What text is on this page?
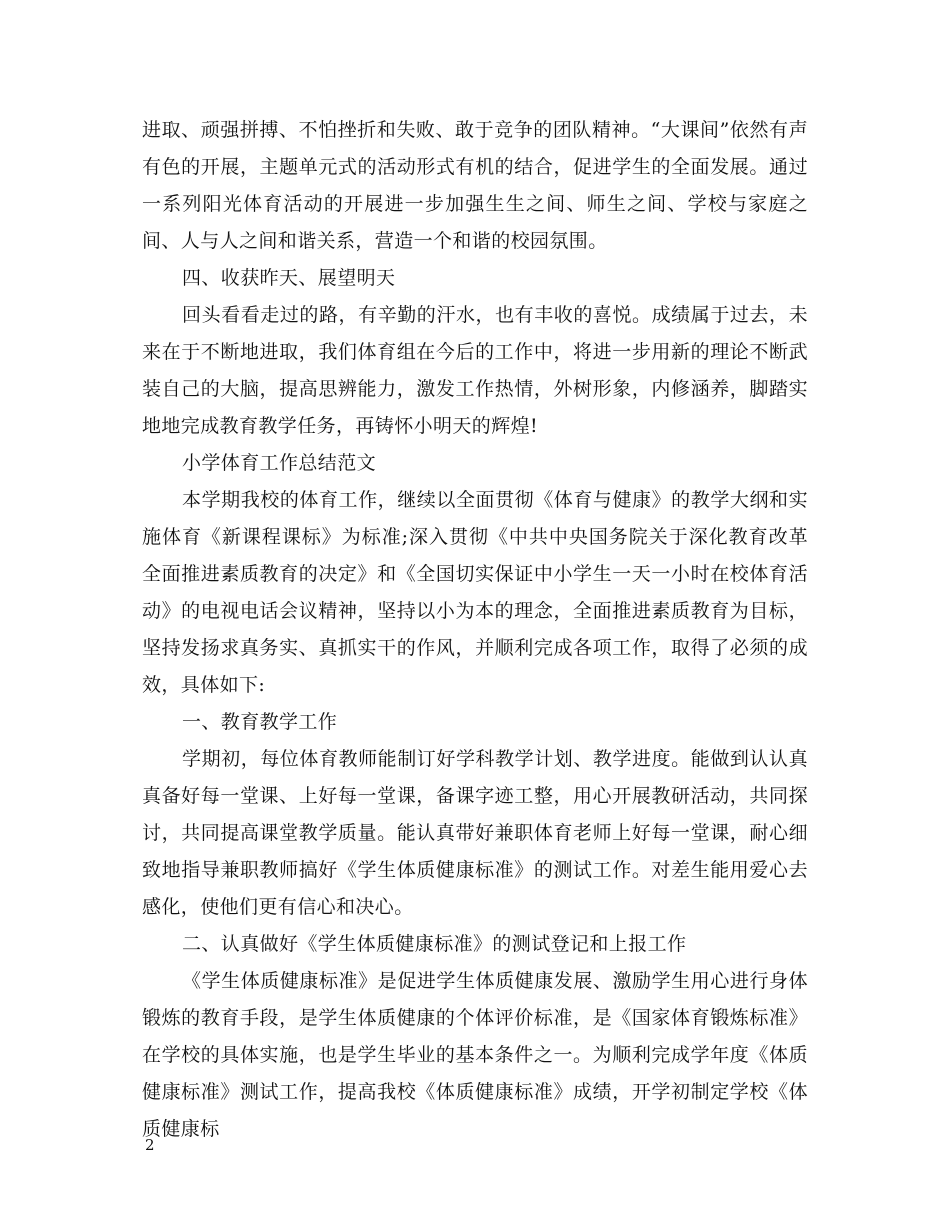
进取、顽强拼搏、不怕挫折和失败、敢于竞争的团队精神。“大课间”依然有声有色的开展，主题单元式的活动形式有机的结合，促进学生的全面发展。通过一系列阳光体育活动的开展进一步加强生生之间、师生之间、学校与家庭之间、人与人之间和谐关系，营造一个和谐的校园氛围。

四、收获昨天、展望明天

回头看看走过的路，有辛勤的汗水，也有丰收的喜悦。成绩属于过去，未来在于不断地进取，我们体育组在今后的工作中，将进一步用新的理论不断武装自己的大脑，提高思辨能力，激发工作热情，外树形象，内修涵养，脚踏实地地完成教育教学任务，再铸怀小明天的辉煌!

小学体育工作总结范文

本学期我校的体育工作，继续以全面贯彻《体育与健康》的教学大纲和实施体育《新课程课标》为标准;深入贯彻《中共中央国务院关于深化教育改革全面推进素质教育的决定》和《全国切实保证中小学生一天一小时在校体育活动》的电视电话会议精神，坚持以小为本的理念，全面推进素质教育为目标，坚持发扬求真务实、真抓实干的作风，并顺利完成各项工作，取得了必须的成效，具体如下:

一、教育教学工作

学期初，每位体育教师能制订好学科教学计划、教学进度。能做到认认真真备好每一堂课、上好每一堂课，备课字迹工整，用心开展教研活动，共同探讨，共同提高课堂教学质量。能认真带好兼职体育老师上好每一堂课，耐心细致地指导兼职教师搞好《学生体质健康标准》的测试工作。对差生能用爱心去感化，使他们更有信心和决心。

二、认真做好《学生体质健康标准》的测试登记和上报工作

《学生体质健康标准》是促进学生体质健康发展、激励学生用心进行身体锻炼的教育手段，是学生体质健康的个体评价标准，是《国家体育锻炼标准》在学校的具体实施，也是学生毕业的基本条件之一。为顺利完成学年度《体质健康标准》测试工作，提高我校《体质健康标准》成绩，开学初制定学校《体质健康标

2
